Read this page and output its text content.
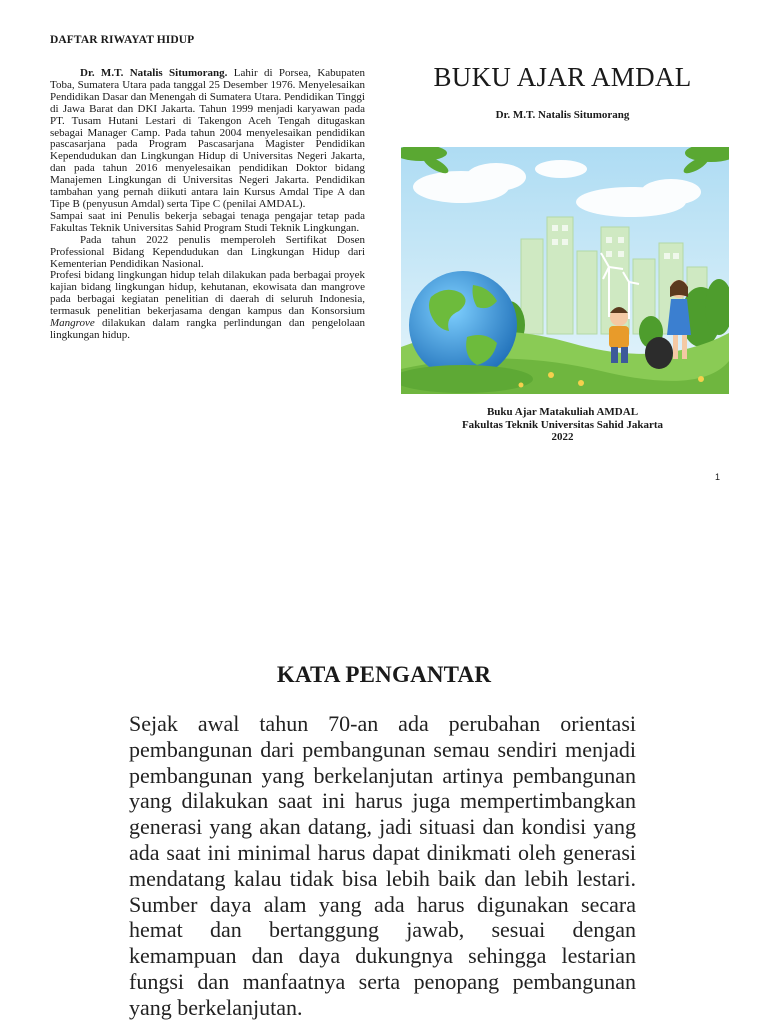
DAFTAR RIWAYAT HIDUP

Dr. M.T. Natalis Situmorang. Lahir di Porsea, Kabupaten Toba, Sumatera Utara pada tanggal 25 Desember 1976. Menyelesaikan Pendidikan Dasar dan Menengah di Sumatera Utara. Pendidikan Tinggi di Jawa Barat dan DKI Jakarta. Tahun 1999 menjadi karyawan pada PT. Tusam Hutani Lestari di Takengon Aceh Tengah ditugaskan sebagai Manager Camp. Pada tahun 2004 menyelesaikan pendidikan pascasarjana pada Program Pascasarjana Magister Pendidikan Kependudukan dan Lingkungan Hidup di Universitas Negeri Jakarta, dan pada tahun 2016 menyelesaikan pendidikan Doktor bidang Manajemen Lingkungan di Universitas Negeri Jakarta. Pendidikan tambahan yang pernah diikuti antara lain Kursus Amdal Tipe A dan Tipe B (penyusun Amdal) serta Tipe C (penilai AMDAL).

Sampai saat ini Penulis bekerja sebagai tenaga pengajar tetap pada Fakultas Teknik Universitas Sahid Program Studi Teknik Lingkungan.

Pada tahun 2022 penulis memperoleh Sertifikat Dosen Professional Bidang Kependudukan dan Lingkungan Hidup dari Kementerian Pendidikan Nasional.

Profesi bidang lingkungan hidup telah dilakukan pada berbagai proyek kajian bidang lingkungan hidup, kehutanan, ekowisata dan mangrove pada berbagai kegiatan penelitian di daerah di seluruh Indonesia, termasuk penelitian bekerjasama dengan kampus dan Konsorsium Mangrove dilakukan dalam rangka perlindungan dan pengelolaan lingkungan hidup.

BUKU AJAR AMDAL
Dr. M.T. Natalis Situmorang
Buku Ajar Matakuliah AMDAL
Fakultas Teknik Universitas Sahid Jakarta
2022
1
KATA PENGANTAR

Sejak awal tahun 70-an ada perubahan orientasi pembangunan dari pembangunan semau sendiri menjadi pembangunan yang berkelanjutan artinya pembangunan yang dilakukan saat ini harus juga mempertimbangkan generasi yang akan datang, jadi situasi dan kondisi yang ada saat ini minimal harus dapat dinikmati oleh generasi mendatang kalau tidak bisa lebih baik dan lebih lestari. Sumber daya alam yang ada harus digunakan secara hemat dan bertanggung jawab, sesuai dengan kemampuan dan daya dukungnya sehingga lestarian fungsi dan manfaatnya serta penopang pembangunan yang berkelanjutan.
